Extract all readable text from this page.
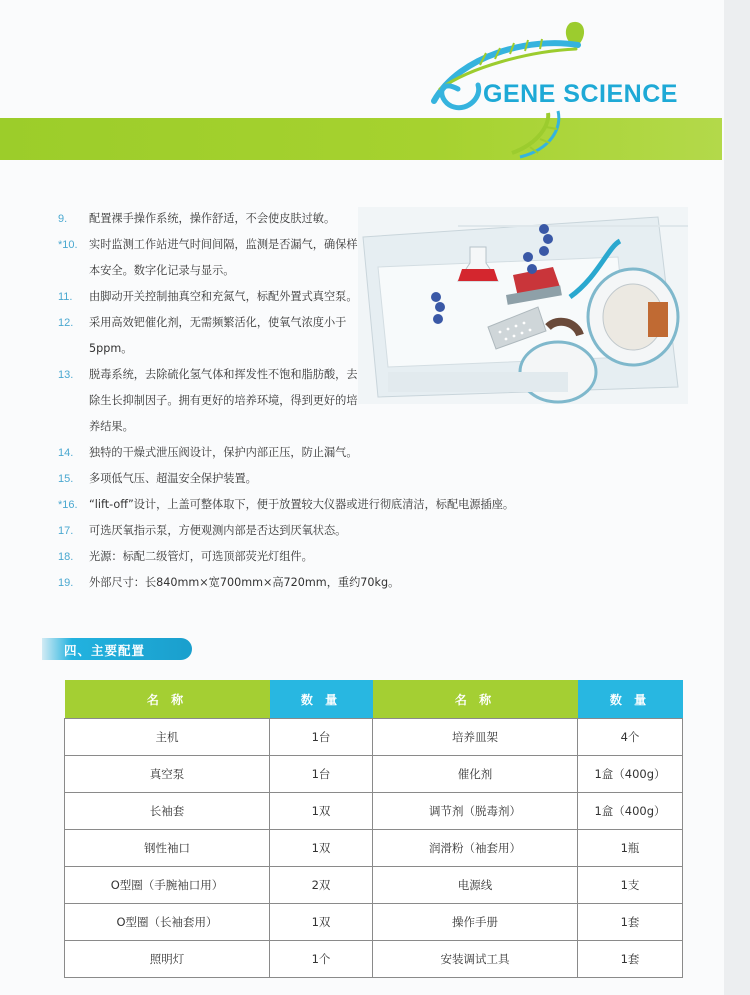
GENE SCIENCE
9.	配置裸手操作系统，操作舒适，不会使皮肤过敏。
*10.	实时监测工作站进气时间间隔，监测是否漏气，确保样本安全。数字化记录与显示。
11.	由脚动开关控制抽真空和充氮气，标配外置式真空泵。
12.	采用高效钯催化剂，无需频繁活化，使氧气浓度小于5ppm。
13.	脱毒系统，去除硫化氢气体和挥发性不饱和脂肪酸，去除生长抑制因子。拥有更好的培养环境，得到更好的培养结果。
14.	独特的干燥式泄压阀设计，保护内部正压，防止漏气。
15.	多项低气压、超温安全保护装置。
*16.	“lift-off”设计，上盖可整体取下，便于放置较大仪器或进行彻底清洁，标配电源插座。
17.	可选厌氧指示泵，方便观测内部是否达到厌氧状态。
18.	光源：标配二级管灯，可选顶部荧光灯组件。
19.	外部尺寸：长840mm×宽700mm×高720mm，重约70kg。
四、主要配置
名 称	数 量	名 称	数 量
主机	1台	培养皿架	4个
真空泵	1台	催化剂	1盒（400g）
长袖套	1双	调节剂（脱毒剂）	1盒（400g）
钢性袖口	1双	润滑粉（袖套用）	1瓶
O型圈（手腕袖口用）	2双	电源线	1支
O型圈（长袖套用）	1双	操作手册	1套
照明灯	1个	安装调试工具	1套
